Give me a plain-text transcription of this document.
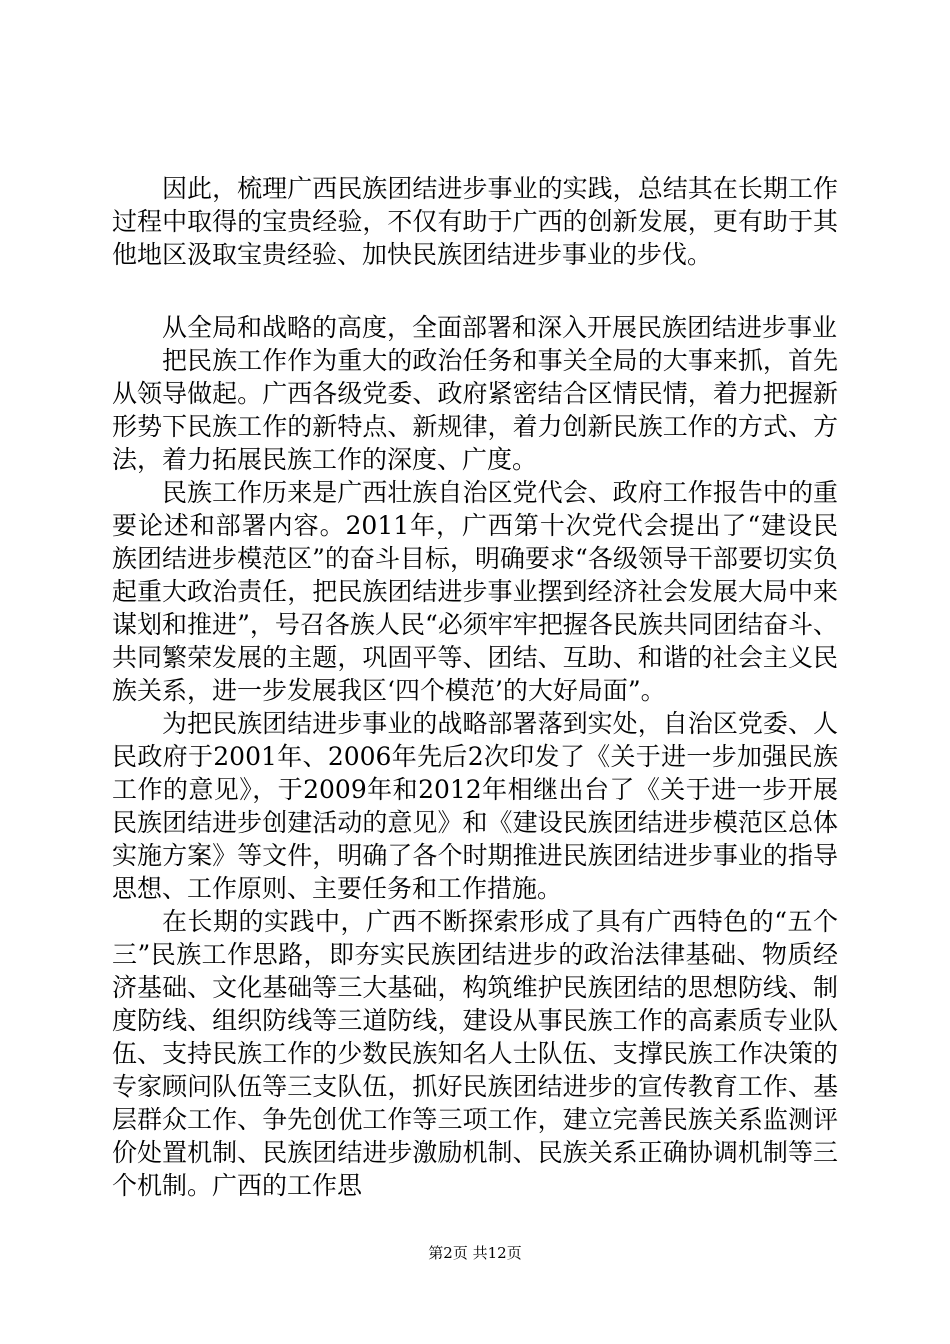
因此，梳理广西民族团结进步事业的实践，总结其在长期工作过程中取得的宝贵经验，不仅有助于广西的创新发展，更有助于其他地区汲取宝贵经验、加快民族团结进步事业的步伐。

从全局和战略的高度，全面部署和深入开展民族团结进步事业

把民族工作作为重大的政治任务和事关全局的大事来抓，首先从领导做起。广西各级党委、政府紧密结合区情民情，着力把握新形势下民族工作的新特点、新规律，着力创新民族工作的方式、方法，着力拓展民族工作的深度、广度。

民族工作历来是广西壮族自治区党代会、政府工作报告中的重要论述和部署内容。2011年，广西第十次党代会提出了“建设民族团结进步模范区”的奋斗目标，明确要求“各级领导干部要切实负起重大政治责任，把民族团结进步事业摆到经济社会发展大局中来谋划和推进”，号召各族人民“必须牢牢把握各民族共同团结奋斗、共同繁荣发展的主题，巩固平等、团结、互助、和谐的社会主义民族关系，进一步发展我区‘四个模范’的大好局面”。

为把民族团结进步事业的战略部署落到实处，自治区党委、人民政府于2001年、2006年先后2次印发了《关于进一步加强民族工作的意见》，于2009年和2012年相继出台了《关于进一步开展民族团结进步创建活动的意见》和《建设民族团结进步模范区总体实施方案》等文件，明确了各个时期推进民族团结进步事业的指导思想、工作原则、主要任务和工作措施。

在长期的实践中，广西不断探索形成了具有广西特色的“五个三”民族工作思路，即夯实民族团结进步的政治法律基础、物质经济基础、文化基础等三大基础，构筑维护民族团结的思想防线、制度防线、组织防线等三道防线，建设从事民族工作的高素质专业队伍、支持民族工作的少数民族知名人士队伍、支撑民族工作决策的专家顾问队伍等三支队伍，抓好民族团结进步的宣传教育工作、基层群众工作、争先创优工作等三项工作，建立完善民族关系监测评价处置机制、民族团结进步激励机制、民族关系正确协调机制等三个机制。广西的工作思

第2页 共12页
